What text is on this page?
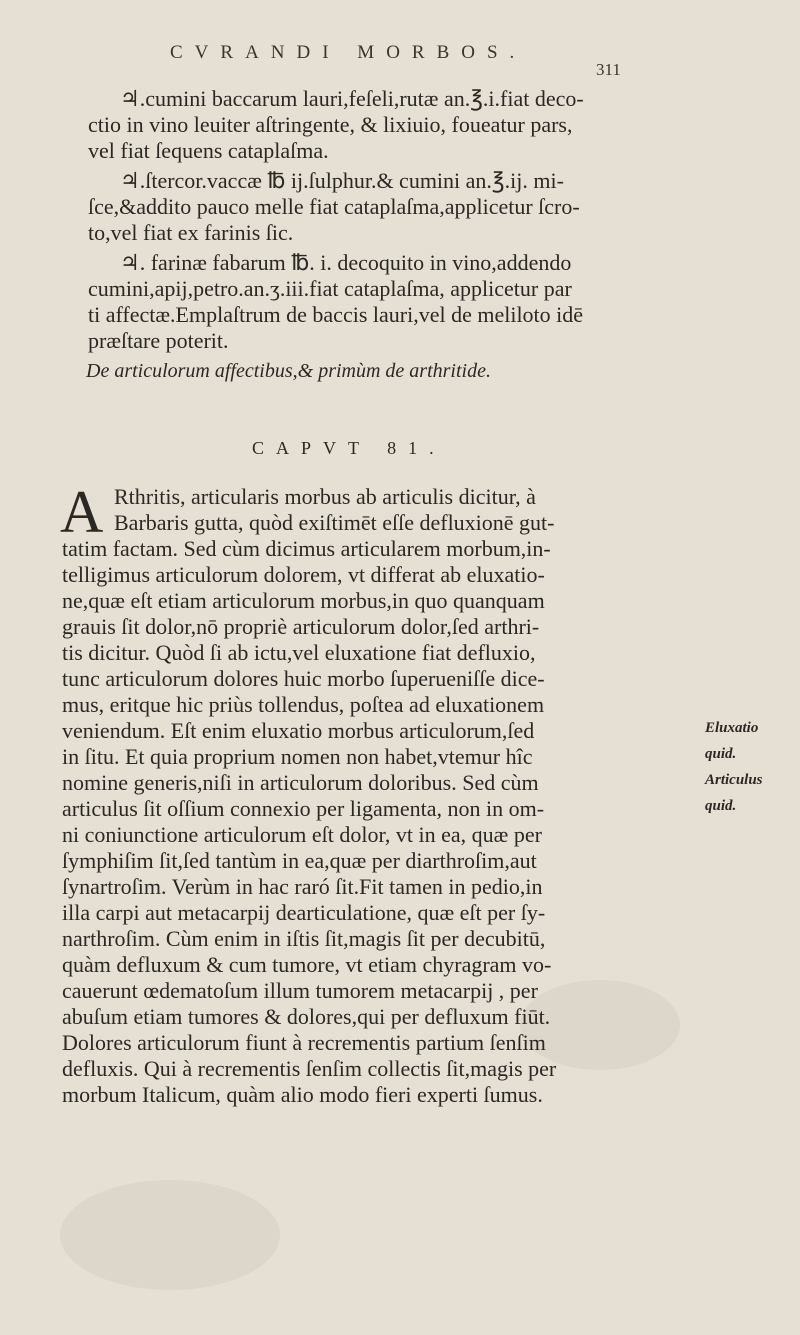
CVRANDI MORBOS.
311
♃.cumini baccarum lauri,feſeli,rutæ an.℥.i.fiat deco-
ctio in vino leuiter aſtringente, & lixiuio, foueatur pars,
vel fiat ſequens cataplaſma.
♃.ſtercor.vaccæ ℔ ij.ſulphur.& cumini an.℥.ij. mi-
ſce,&addito pauco melle fiat cataplaſma,applicetur ſcro-
to,vel fiat ex farinis ſic.
♃. farinæ fabarum ℔. i. decoquito in vino,addendo
cumini,apij,petro.an.ʒ.iii.fiat cataplaſma, applicetur par
ti affectæ.Emplaſtrum de baccis lauri,vel de meliloto idē
præſtare poterit.
De articulorum affectibus,& primùm de arthritide.
CAPVT 81.
A Rthritis, articularis morbus ab articulis dicitur, à
Barbaris gutta, quòd exiſtimēt eſſe defluxionē gut-
tatim factam. Sed cùm dicimus articularem morbum,in-
telligimus articulorum dolorem, vt differat ab eluxatio-
ne,quæ eſt etiam articulorum morbus,in quo quanquam
grauis ſit dolor,nō propriè articulorum dolor,ſed arthri-
tis dicitur. Quòd ſi ab ictu,vel eluxatione fiat defluxio,
tunc articulorum dolores huic morbo ſuperueniſſe dice-
mus, eritque hic priùs tollendus, poſtea ad eluxationem
veniendum. Eſt enim eluxatio morbus articulorum,ſed
in ſitu. Et quia proprium nomen non habet,vtemur hîc
nomine generis,niſi in articulorum doloribus. Sed cùm
articulus ſit oſſium connexio per ligamenta, non in om-
ni coniunctione articulorum eſt dolor, vt in ea, quæ per
ſymphiſim ſit,ſed tantùm in ea,quæ per diarthroſim,aut
ſynartroſim. Verùm in hac raró ſit.Fit tamen in pedio,in
illa carpi aut metacarpij dearticulatione, quæ eſt per ſy-
narthroſim. Cùm enim in iſtis ſit,magis ſit per decubitū,
quàm defluxum & cum tumore, vt etiam chyragram vo-
cauerunt œdematoſum illum tumorem metacarpij , per
abuſum etiam tumores & dolores,qui per defluxum fiūt.
Dolores articulorum fiunt à recrementis partium ſenſim
defluxis. Qui à recrementis ſenſim collectis ſit,magis per
morbum Italicum, quàm alio modo fieri experti ſumus.
Eluxatio
quid.
Articulus
quid.
